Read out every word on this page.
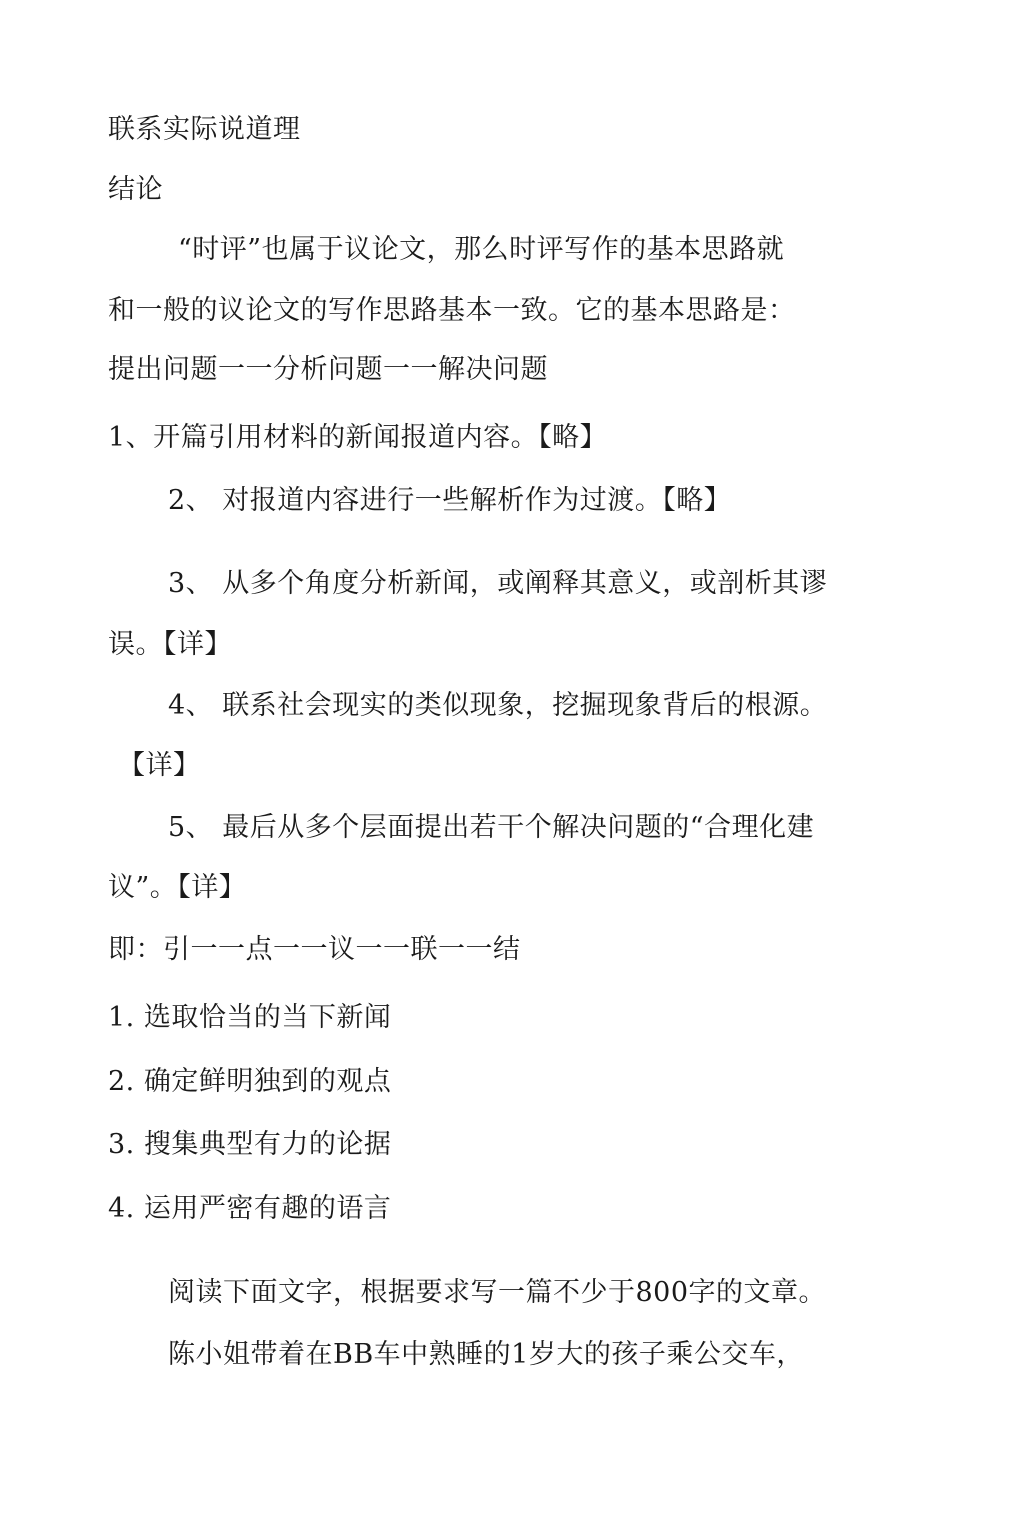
联系实际说道理
结论
“时评”也属于议论文，那么时评写作的基本思路就
和一般的议论文的写作思路基本一致。它的基本思路是：
提出问题一一分析问题一一解决问题
1、开篇引用材料的新闻报道内容。【略】
2、 对报道内容进行一些解析作为过渡。【略】
3、 从多个角度分析新闻，或阐释其意义，或剖析其谬
误。【详】
4、 联系社会现实的类似现象，挖掘现象背后的根源。
【详】
5、 最后从多个层面提出若干个解决问题的“合理化建
议”。【详】
即：引一一点一一议一一联一一结
1. 选取恰当的当下新闻
2. 确定鲜明独到的观点
3. 搜集典型有力的论据
4. 运用严密有趣的语言
阅读下面文字，根据要求写一篇不少于800字的文章。
陈小姐带着在BB车中熟睡的1岁大的孩子乘公交车，
